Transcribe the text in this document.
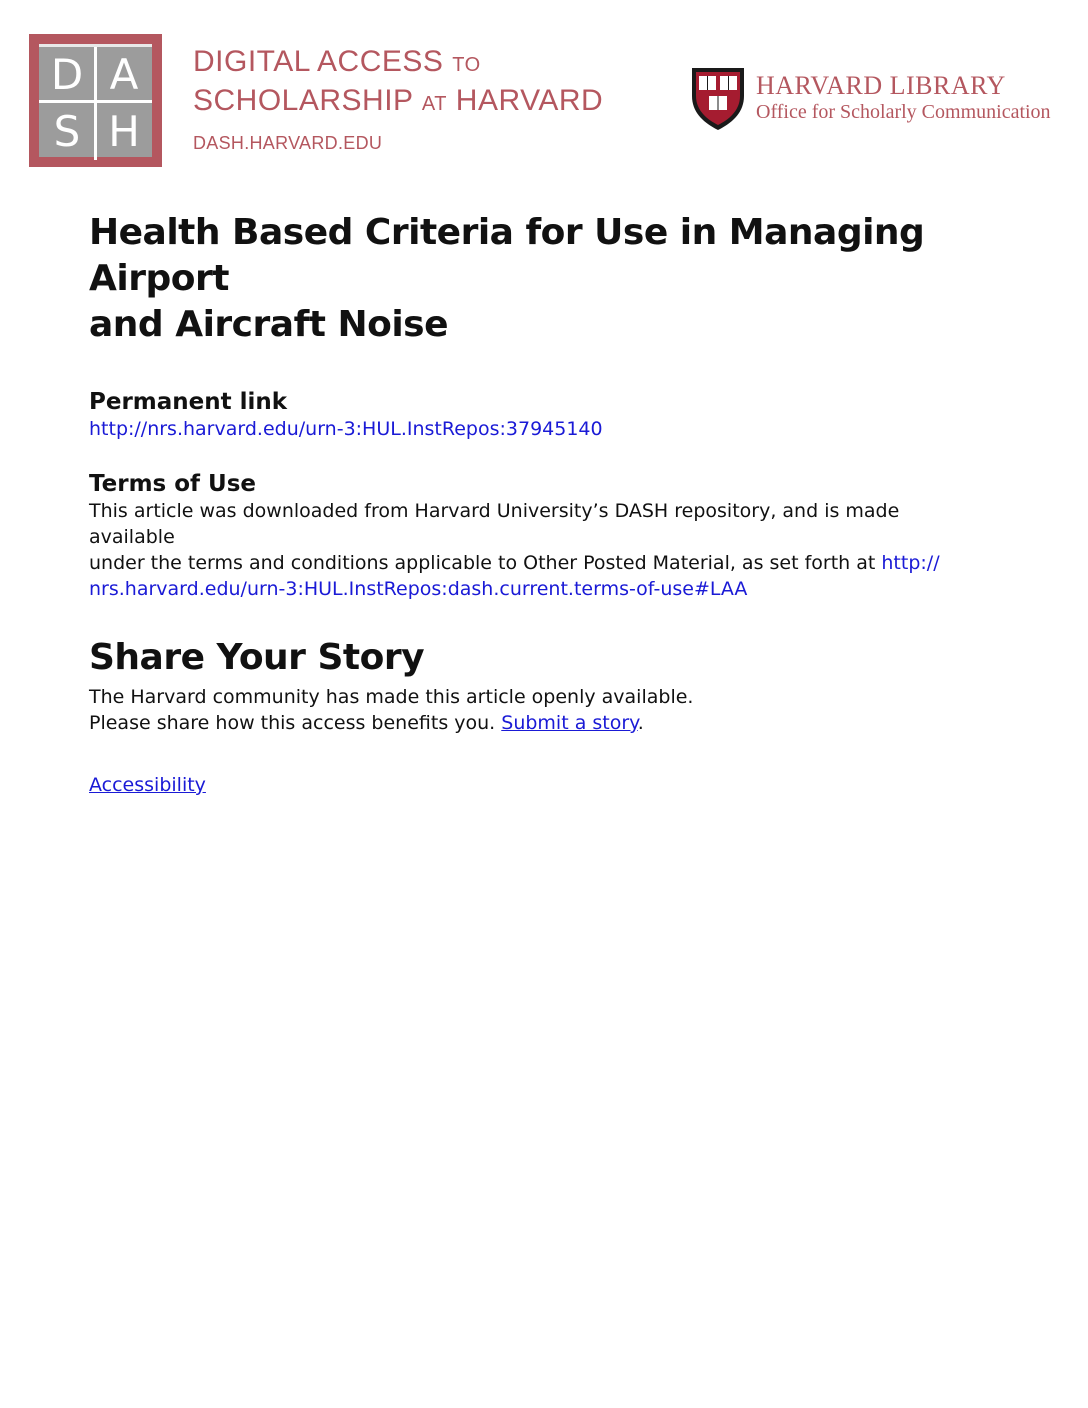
D A
S H
DIGITAL ACCESS TO
SCHOLARSHIP AT HARVARD
DASH.HARVARD.EDU
HARVARD LIBRARY
Office for Scholarly Communication
Health Based Criteria for Use in Managing Airport
and Aircraft Noise
Permanent link

http://nrs.harvard.edu/urn-3:HUL.InstRepos:37945140

Terms of Use

This article was downloaded from Harvard University’s DASH repository, and is made available
under the terms and conditions applicable to Other Posted Material, as set forth at http://
nrs.harvard.edu/urn-3:HUL.InstRepos:dash.current.terms-of-use#LAA

Share Your Story

The Harvard community has made this article openly available.
Please share how this access benefits you. Submit a story.

Accessibility
